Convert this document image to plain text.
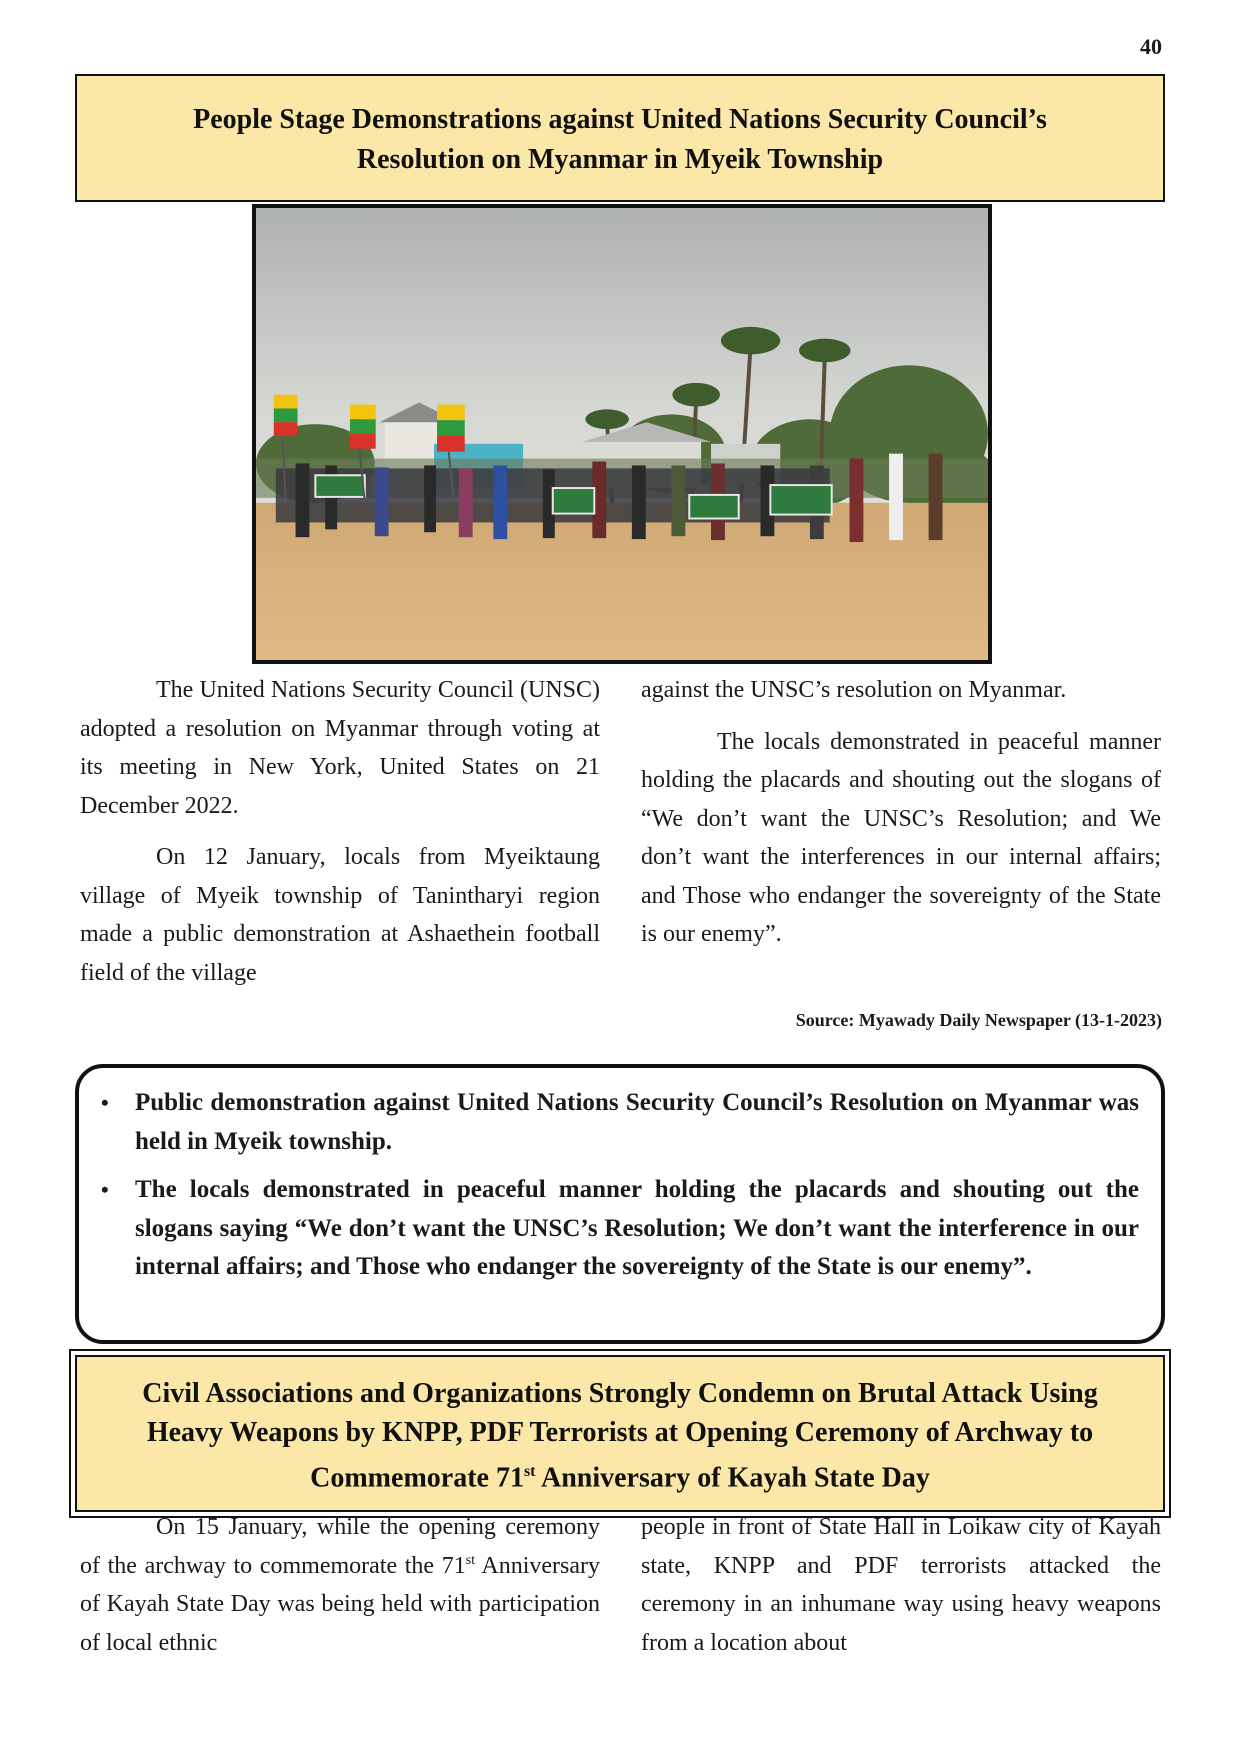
40
People Stage Demonstrations against United Nations Security Council’s
Resolution on Myanmar in Myeik Township

The United Nations Security Council (UNSC) adopted a resolution on Myanmar through voting at its meeting in New York, United States on 21 December 2022.

On 12 January, locals from Myeiktaung village of Myeik township of Tanintharyi region made a public demonstration at Ashaethein football field of the village

against the UNSC’s resolution on Myanmar.

The locals demonstrated in peaceful manner holding the placards and shouting out the slogans of “We don’t want the UNSC’s Resolution; and We don’t want the interferences in our internal affairs; and Those who endanger the sovereignty of the State is our enemy”.

Source: Myawady Daily Newspaper (13-1-2023)
• Public demonstration against United Nations Security Council’s Resolution on Myanmar was held in Myeik township.
• The locals demonstrated in peaceful manner holding the placards and shouting out the slogans saying “We don’t want the UNSC’s Resolution; We don’t want the interference in our internal affairs; and Those who endanger the sovereignty of the State is our enemy”.
Civil Associations and Organizations Strongly Condemn on Brutal Attack Using
Heavy Weapons by KNPP, PDF Terrorists at Opening Ceremony of Archway to
Commemorate 71st Anniversary of Kayah State Day

On 15 January, while the opening ceremony of the archway to commemorate the 71st Anniversary of Kayah State Day was being held with participation of local ethnic

people in front of State Hall in Loikaw city of Kayah state, KNPP and PDF terrorists attacked the ceremony in an inhumane way using heavy weapons from a location about
